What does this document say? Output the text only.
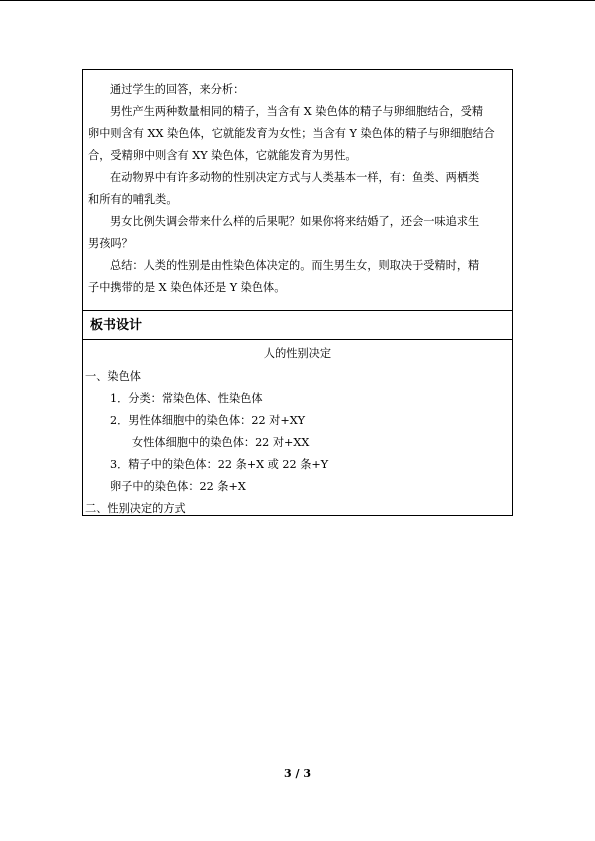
通过学生的回答，来分析：
男性产生两种数量相同的精子，当含有 X 染色体的精子与卵细胞结合，受精
卵中则含有 XX 染色体，它就能发育为女性；当含有 Y 染色体的精子与卵细胞结合
合，受精卵中则含有 XY 染色体，它就能发育为男性。
在动物界中有许多动物的性别决定方式与人类基本一样，有：鱼类、两栖类
和所有的哺乳类。
男女比例失调会带来什么样的后果呢？如果你将来结婚了，还会一味追求生
男孩吗？
总结：人类的性别是由性染色体决定的。而生男生女，则取决于受精时，精
子中携带的是 X 染色体还是 Y 染色体。
板书设计
人的性别决定
一、染色体
1．分类：常染色体、性染色体
2．男性体细胞中的染色体：22 对+XY
女性体细胞中的染色体：22 对+XX
3．精子中的染色体：22 条+X 或 22 条+Y
卵子中的染色体：22 条+X
二、性别决定的方式
3 / 3
